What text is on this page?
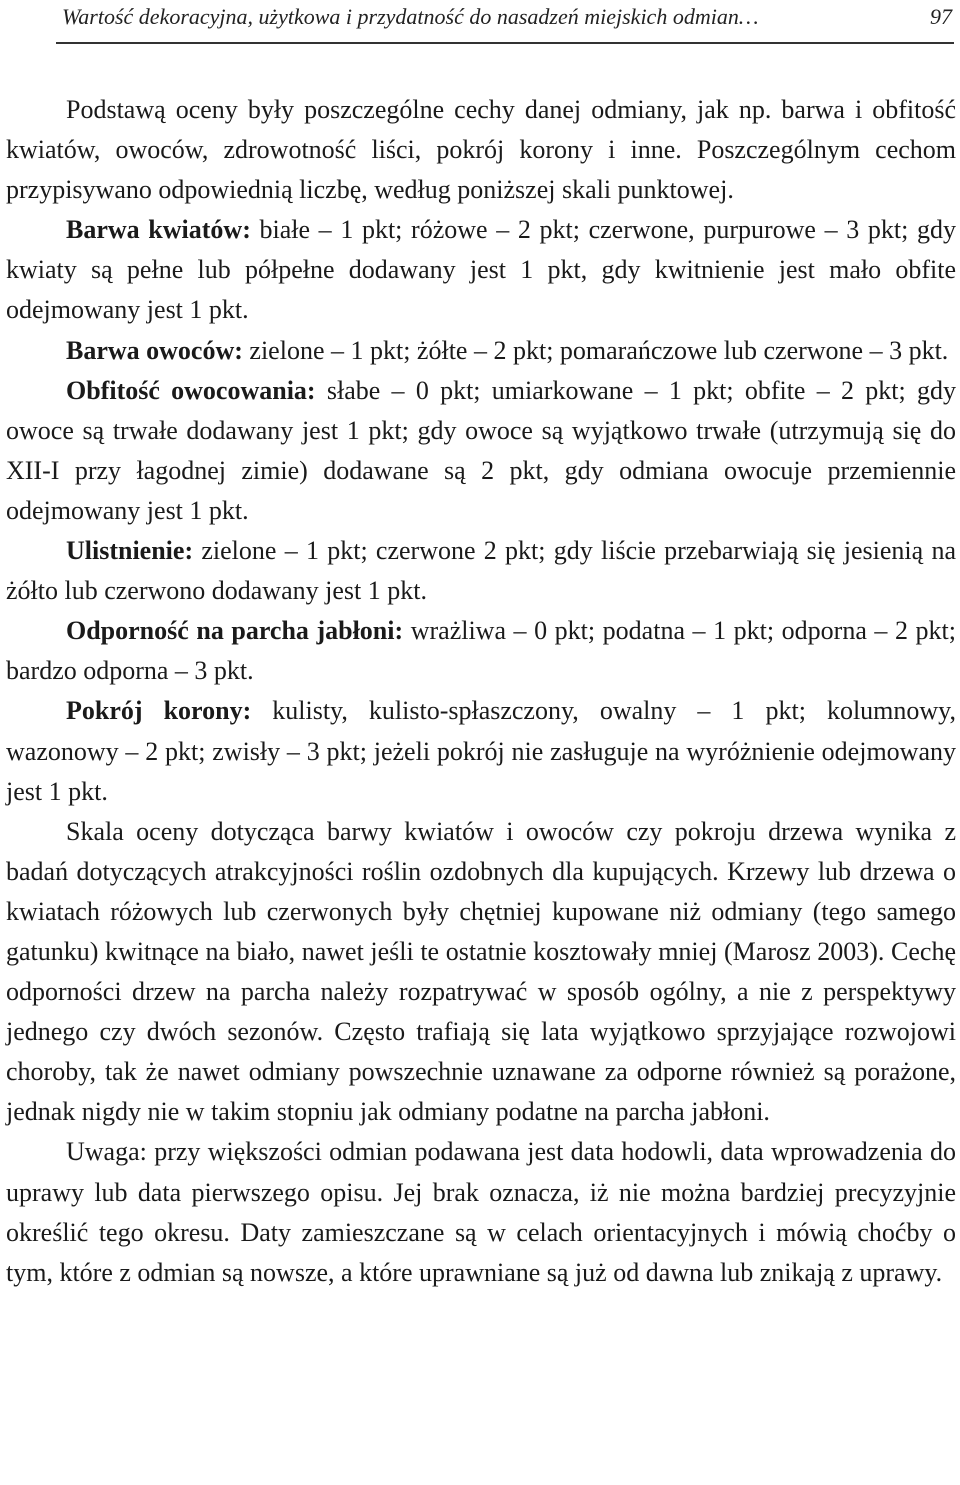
Wartość dekoracyjna, użytkowa i przydatność do nasadzeń miejskich odmian…	97

Podstawą oceny były poszczególne cechy danej odmiany, jak np. barwa i obfitość kwiatów, owoców, zdrowotność liści, pokrój korony i inne. Poszczególnym cechom przypisywano odpowiednią liczbę, według poniższej skali punktowej.

Barwa kwiatów: białe – 1 pkt; różowe – 2 pkt; czerwone, purpurowe – 3 pkt; gdy kwiaty są pełne lub półpełne dodawany jest 1 pkt, gdy kwitnienie jest mało obfite odejmowany jest 1 pkt.

Barwa owoców: zielone – 1 pkt; żółte – 2 pkt; pomarańczowe lub czerwone – 3 pkt.

Obfitość owocowania: słabe – 0 pkt; umiarkowane – 1 pkt; obfite – 2 pkt; gdy owoce są trwałe dodawany jest 1 pkt; gdy owoce są wyjątkowo trwałe (utrzymują się do XII-I przy łagodnej zimie) dodawane są 2 pkt, gdy odmiana owocuje przemiennie odejmowany jest 1 pkt.

Ulistnienie: zielone – 1 pkt; czerwone 2 pkt; gdy liście przebarwiają się jesienią na żółto lub czerwono dodawany jest 1 pkt.

Odporność na parcha jabłoni: wrażliwa – 0 pkt; podatna – 1 pkt; odporna – 2 pkt; bardzo odporna – 3 pkt.

Pokrój korony: kulisty, kulisto-spłaszczony, owalny – 1 pkt; kolumnowy, wazonowy – 2 pkt; zwisły – 3 pkt; jeżeli pokrój nie zasługuje na wyróżnienie odejmowany jest 1 pkt.

Skala oceny dotycząca barwy kwiatów i owoców czy pokroju drzewa wynika z badań dotyczących atrakcyjności roślin ozdobnych dla kupujących. Krzewy lub drzewa o kwiatach różowych lub czerwonych były chętniej kupowane niż odmiany (tego samego gatunku) kwitnące na biało, nawet jeśli te ostatnie kosztowały mniej (Marosz 2003). Cechę odporności drzew na parcha należy rozpatrywać w sposób ogólny, a nie z perspektywy jednego czy dwóch sezonów. Często trafiają się lata wyjątkowo sprzyjające rozwojowi choroby, tak że nawet odmiany powszechnie uznawane za odporne również są porażone, jednak nigdy nie w takim stopniu jak odmiany podatne na parcha jabłoni.

Uwaga: przy większości odmian podawana jest data hodowli, data wprowadzenia do uprawy lub data pierwszego opisu. Jej brak oznacza, iż nie można bardziej precyzyjnie określić tego okresu. Daty zamieszczane są w celach orientacyjnych i mówią choćby o tym, które z odmian są nowsze, a które uprawniane są już od dawna lub znikają z uprawy.
